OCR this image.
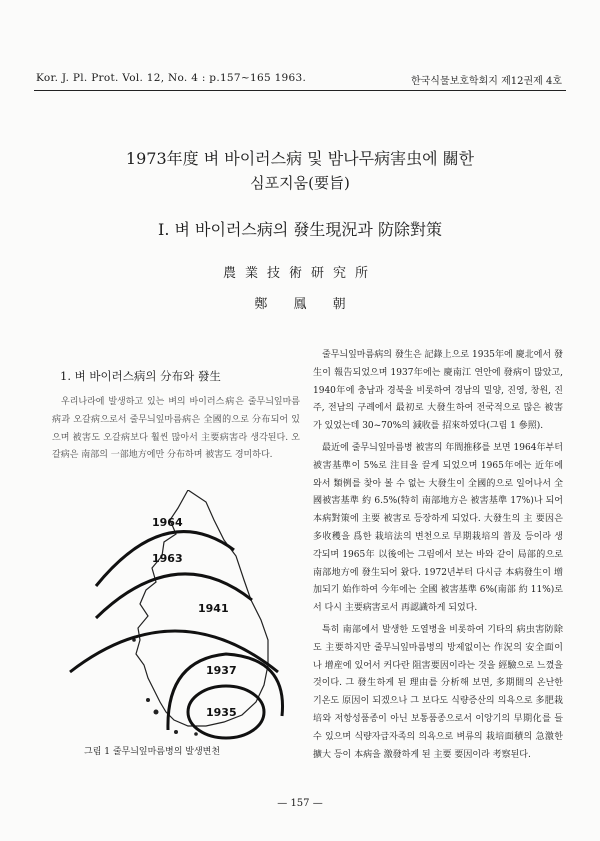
Kor. J. Pl. Prot. Vol. 12, No. 4 : p.157~165 1963.	한국식물보호학회지 제12권제 4호
1973年度 벼 바이러스病 및 밤나무病害虫에 關한
심포지움(要旨)
I. 벼 바이러스病의 發生現況과 防除對策
農業技術研究所
鄭 鳳 朝
1. 벼 바이러스病의 分布와 發生

우리나라에 발생하고 있는 벼의 바이러스病은 줄무늬잎마름病과 오갈病으로서 줄무늬잎마름病은 全國的으로 分布되어 있으며 被害도 오갈病보다 훨씬 많아서 主要病害라 생각된다. 오갈病은 南部의 一部地方에만 分布하며 被害도 경미하다.

1964
1963
1941
1937
1935
그림 1 줄무늬잎마름병의 발생변천

줄무늬잎마름病의 發生은 記錄上으로 1935年에 慶北에서 發生이 報告되었으며 1937年에는 慶南江 연안에 發病이 많았고, 1940年에 충남과 경북을 비롯하여 경남의 밀양, 진영, 창원, 진주, 전남의 구례에서 最初로 大發生하여 전국적으로 많은 被害가 있었는데 30~70%의 減收를 招來하였다(그림 1 參照).

最近에 줄무늬잎마름병 被害의 年間推移를 보면 1964年부터 被害基準이 5%로 注目을 끌게 되었으며 1965年에는 近年에 와서 類例를 찾아 볼 수 없는 大發生이 全國的으로 일어나서 全國被害基準 約 6.5%(特히 南部地方은 被害基準 17%)나 되어 本病對策에 主要 被害로 등장하게 되었다. 大發生의 主 要因은 多收穫을 爲한 栽培法의 변천으로 早期栽培의 普及 등이라 생각되며 1965年 以後에는 그림에서 보는 바와 같이 局部的으로 南部地方에 發生되어 왔다. 1972년부터 다시금 本病發生이 增加되기 始作하여 今年에는 全國 被害基準 6%(南部 約 11%)로서 다시 主要病害로서 再認識하게 되었다.

특히 南部에서 발생한 도열병을 비롯하여 기타의 病虫害防除도 主要하지만 줄무늬잎마름병의 방제없이는 作況의 安全面이나 增産에 있어서 커다란 阻害要因이라는 것을 經驗으로 느꼈을 것이다. 그 發生하게 된 理由를 分析해 보면, 多期間의 온난한 기온도 原因이 되겠으나 그 보다도 식량증산의 의욕으로 多肥栽培와 저항성품종이 아닌 보통품종으로서 이앙기의 早期化를 들 수 있으며 식량자급자족의 의욕으로 벼류의 栽培面積의 急激한 擴大 등이 本病을 激發하게 된 主要 要因이라 考察된다.

— 157 —
